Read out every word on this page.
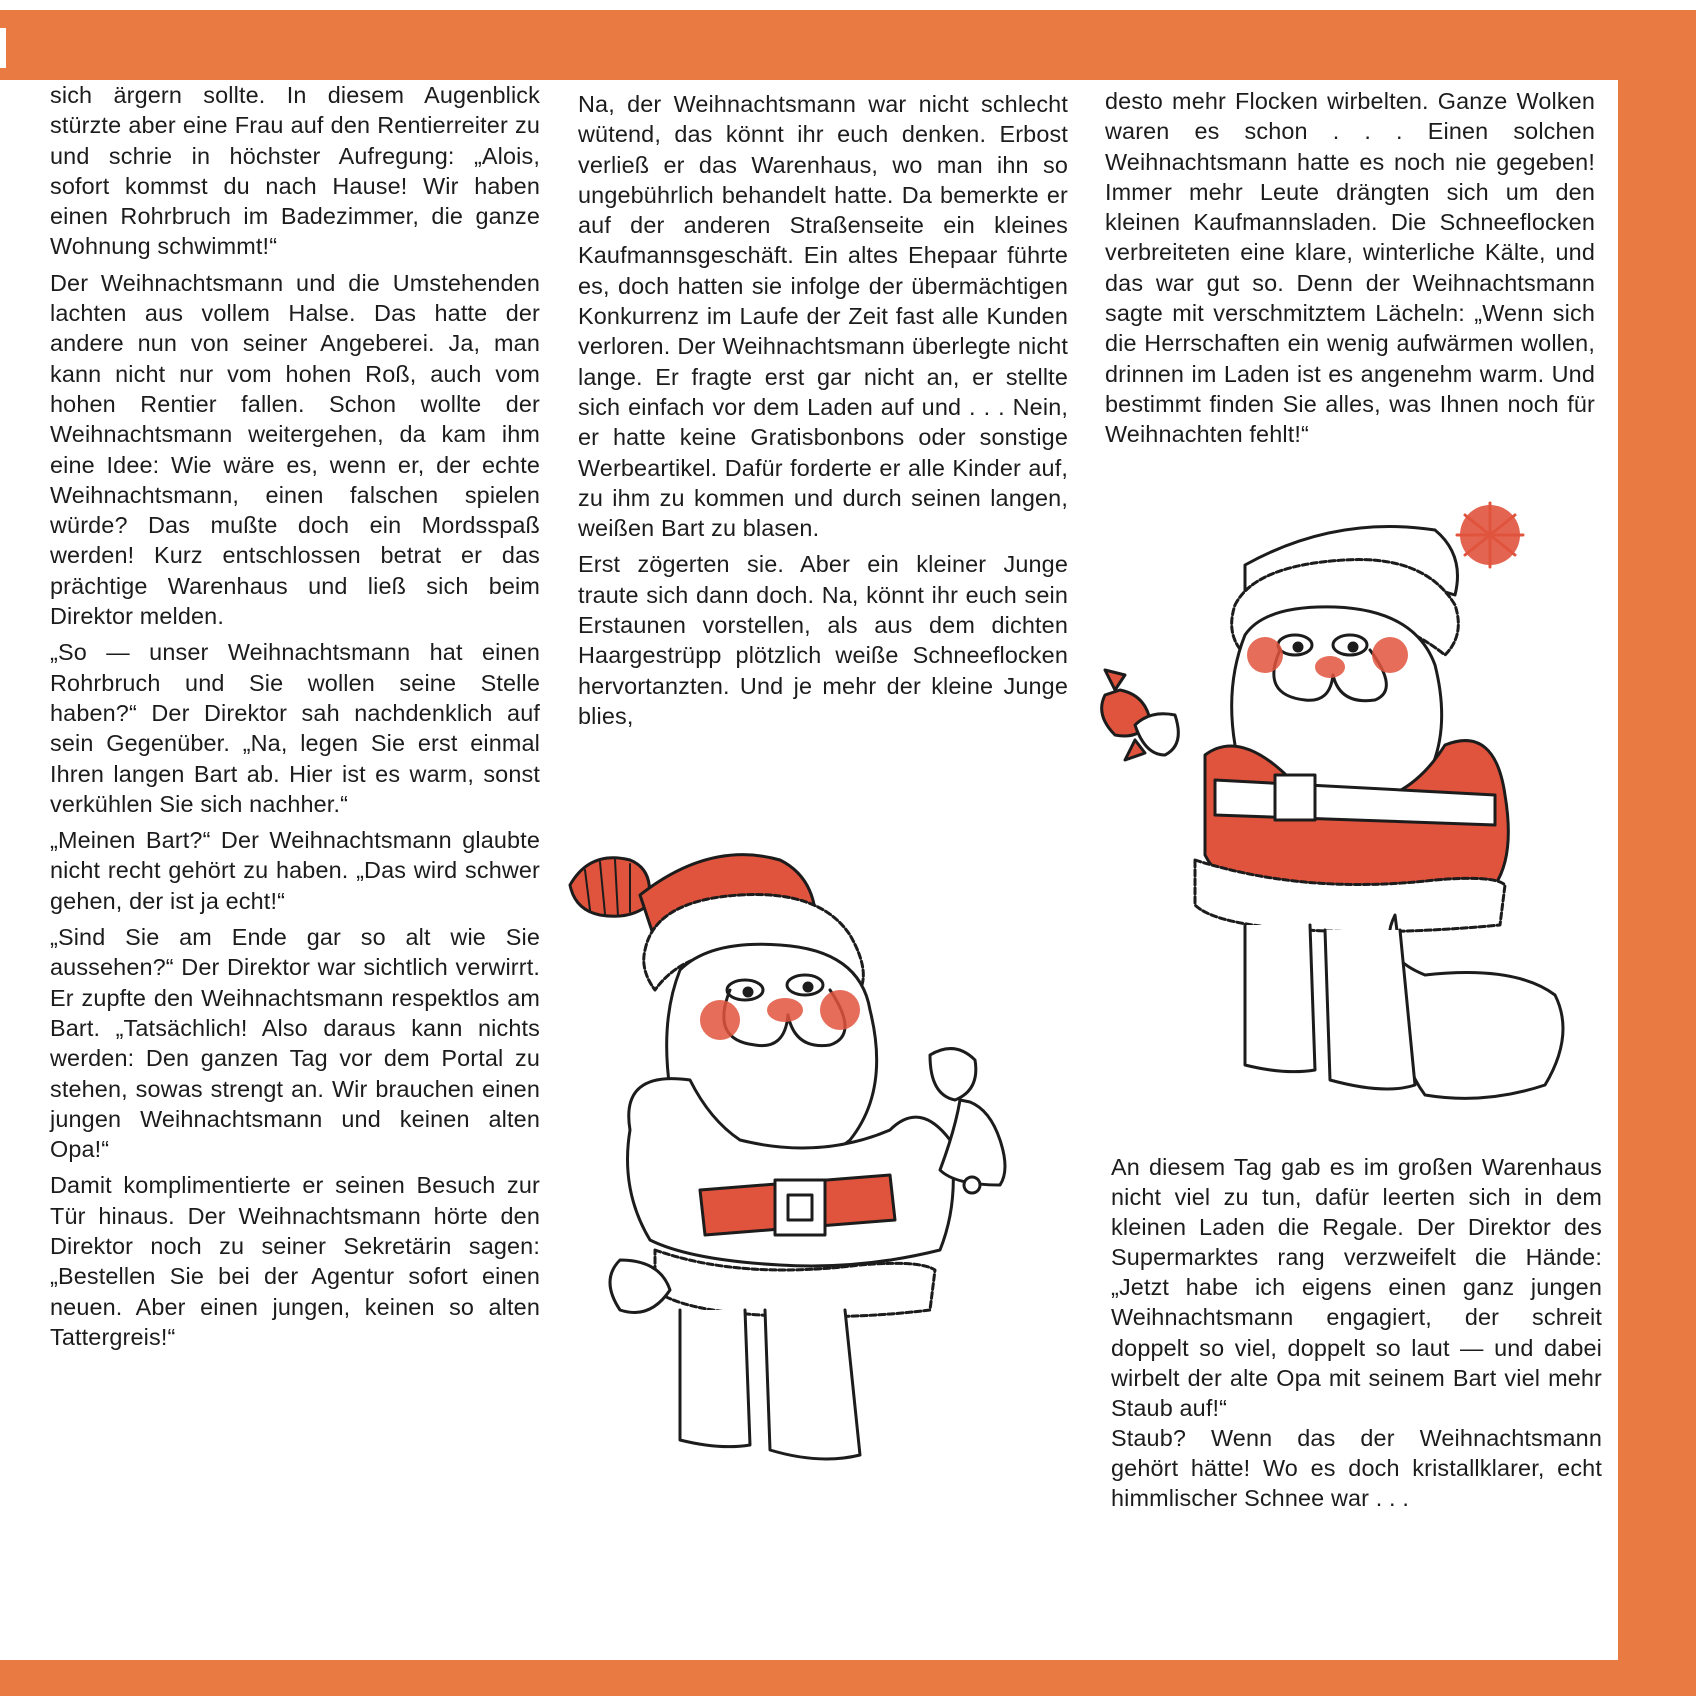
sich ärgern sollte. In diesem Augenblick stürzte aber eine Frau auf den Rentierreiter zu und schrie in höchster Aufregung: „Alois, sofort kommst du nach Hause! Wir haben einen Rohrbruch im Badezimmer, die ganze Wohnung schwimmt!“

Der Weihnachtsmann und die Umstehenden lachten aus vollem Halse. Das hatte der andere nun von seiner Angeberei. Ja, man kann nicht nur vom hohen Roß, auch vom hohen Rentier fallen. Schon wollte der Weihnachtsmann weitergehen, da kam ihm eine Idee: Wie wäre es, wenn er, der echte Weihnachtsmann, einen falschen spielen würde? Das mußte doch ein Mordsspaß werden! Kurz entschlossen betrat er das prächtige Warenhaus und ließ sich beim Direktor melden.

„So — unser Weihnachtsmann hat einen Rohrbruch und Sie wollen seine Stelle haben?“ Der Direktor sah nachdenklich auf sein Gegenüber. „Na, legen Sie erst einmal Ihren langen Bart ab. Hier ist es warm, sonst verkühlen Sie sich nachher.“

„Meinen Bart?“ Der Weihnachtsmann glaubte nicht recht gehört zu haben. „Das wird schwer gehen, der ist ja echt!“

„Sind Sie am Ende gar so alt wie Sie aussehen?“ Der Direktor war sichtlich verwirrt. Er zupfte den Weihnachtsmann respektlos am Bart. „Tatsächlich! Also daraus kann nichts werden: Den ganzen Tag vor dem Portal zu stehen, sowas strengt an. Wir brauchen einen jungen Weihnachtsmann und keinen alten Opa!“

Damit komplimentierte er seinen Besuch zur Tür hinaus. Der Weihnachtsmann hörte den Direktor noch zu seiner Sekretärin sagen: „Bestellen Sie bei der Agentur sofort einen neuen. Aber einen jungen, keinen so alten Tattergreis!“

Na, der Weihnachtsmann war nicht schlecht wütend, das könnt ihr euch denken. Erbost verließ er das Warenhaus, wo man ihn so ungebührlich behandelt hatte. Da bemerkte er auf der anderen Straßenseite ein kleines Kaufmannsgeschäft. Ein altes Ehepaar führte es, doch hatten sie infolge der übermächtigen Konkurrenz im Laufe der Zeit fast alle Kunden verloren. Der Weihnachtsmann überlegte nicht lange. Er fragte erst gar nicht an, er stellte sich einfach vor dem Laden auf und . . . Nein, er hatte keine Gratisbonbons oder sonstige Werbeartikel. Dafür forderte er alle Kinder auf, zu ihm zu kommen und durch seinen langen, weißen Bart zu blasen.

Erst zögerten sie. Aber ein kleiner Junge traute sich dann doch. Na, könnt ihr euch sein Erstaunen vorstellen, als aus dem dichten Haargestrüpp plötzlich weiße Schneeflocken hervortanzten. Und je mehr der kleine Junge blies,

desto mehr Flocken wirbelten. Ganze Wolken waren es schon . . . Einen solchen Weihnachtsmann hatte es noch nie gegeben! Immer mehr Leute drängten sich um den kleinen Kaufmannsladen. Die Schneeflocken verbreiteten eine klare, winterliche Kälte, und das war gut so. Denn der Weihnachtsmann sagte mit verschmitztem Lächeln: „Wenn sich die Herrschaften ein wenig aufwärmen wollen, drinnen im Laden ist es angenehm warm. Und bestimmt finden Sie alles, was Ihnen noch für Weihnachten fehlt!“

An diesem Tag gab es im großen Warenhaus nicht viel zu tun, dafür leerten sich in dem kleinen Laden die Regale. Der Direktor des Supermarktes rang verzweifelt die Hände: „Jetzt habe ich eigens einen ganz jungen Weihnachtsmann engagiert, der schreit doppelt so viel, doppelt so laut — und dabei wirbelt der alte Opa mit seinem Bart viel mehr Staub auf!“

Staub? Wenn das der Weihnachtsmann gehört hätte! Wo es doch kristallklarer, echt himmlischer Schnee war . . .
